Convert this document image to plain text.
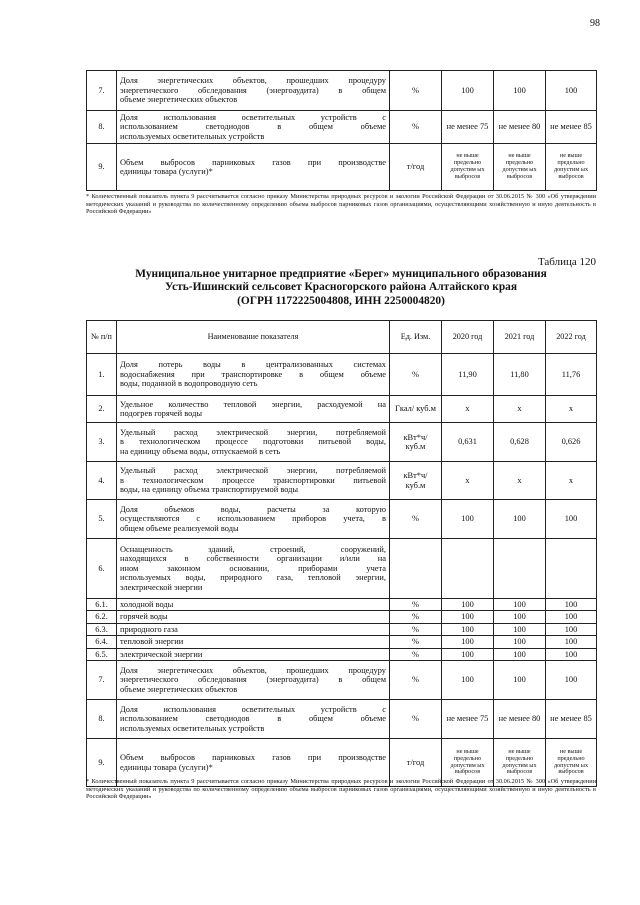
98
7.	Доля энергетических объектов, прошедших процедуру
энергетического обследования (энергоаудита) в общем
объеме энергетических объектов	%	100	100	100
8.	Доля использования осветительных устройств с
использованием светодиодов в общем объеме
используемых осветительных устройств	%	не менее 75	не менее 80	не менее 85
9.	Объем выбросов парниковых газов при производстве
единицы товара (услуги)*	т/год	не выше предельно допустим ых выбросов	не выше предельно допустим ых выбросов	не выше предельно допустим ых выбросов
* Количественный показатель пункта 9 рассчитывается согласно приказу Министерства природных ресурсов и экологии Российской Федерации от 30.06.2015 № 300 «Об утверждении методических указаний и руководства по количественному определению объема выбросов парниковых газов организациями, осуществляющими хозяйственную и иную деятельность в Российской Федерации»
Таблица 120
Муниципальное унитарное предприятие «Берег» муниципального образования
Усть-Ишинский сельсовет Красногорского района Алтайского края
(ОГРН 1172225004808, ИНН 2250004820)
№ п/п	Наименование показателя	Ед. Изм.	2020 год	2021 год	2022 год
1.	Доля потерь воды в централизованных системах
водоснабжения при транспортировке в общем объеме
воды, поданной в водопроводную сеть	%	11,90	11,80	11,76
2.	Удельное количество тепловой энергии, расходуемой на
подогрев горячей воды	Гкал/ куб.м	х	х	х
3.	Удельный расход электрической энергии, потребляемой
в технологическом процессе подготовки питьевой воды,
на единицу объема воды, отпускаемой в сеть	кВт*ч/ куб.м	0,631	0,628	0,626
4.	Удельный расход электрической энергии, потребляемой
в технологическом процессе транспортировки питьевой
воды, на единицу объема транспортируемой воды	кВт*ч/ куб.м	х	х	х
5.	Доля объемов воды, расчеты за которую
осуществляются с использованием приборов учета, в
общем объеме реализуемой воды	%	100	100	100
6.	Оснащенность зданий, строений, сооружений,
находящихся в собственности организации и/или на
ином законном основании, приборами учета
используемых воды, природного газа, тепловой энергии,
электрической энергии				

6.1.	холодной воды	%	100	100	100
6.2.	горячей воды	%	100	100	100
6.3.	природного газа	%	100	100	100
6.4.	тепловой энергии	%	100	100	100
6.5.	электрической энергии	%	100	100	100
7.	Доля энергетических объектов, прошедших процедуру
энергетического обследования (энергоаудита) в общем
объеме энергетических объектов	%	100	100	100
8.	Доля использования осветительных устройств с
использованием светодиодов в общем объеме
используемых осветительных устройств	%	не менее 75	не менее 80	не менее 85
9.	Объем выбросов парниковых газов при производстве
единицы товара (услуги)*	т/год	не выше предельно допустим ых выбросов	не выше предельно допустим ых выбросов	не выше предельно допустим ых выбросов
* Количественный показатель пункта 9 рассчитывается согласно приказу Министерства природных ресурсов и экологии Российской Федерации от 30.06.2015 № 300 «Об утверждении методических указаний и руководства по количественному определению объема выбросов парниковых газов организациями, осуществляющими хозяйственную и иную деятельность в Российской Федерации»
